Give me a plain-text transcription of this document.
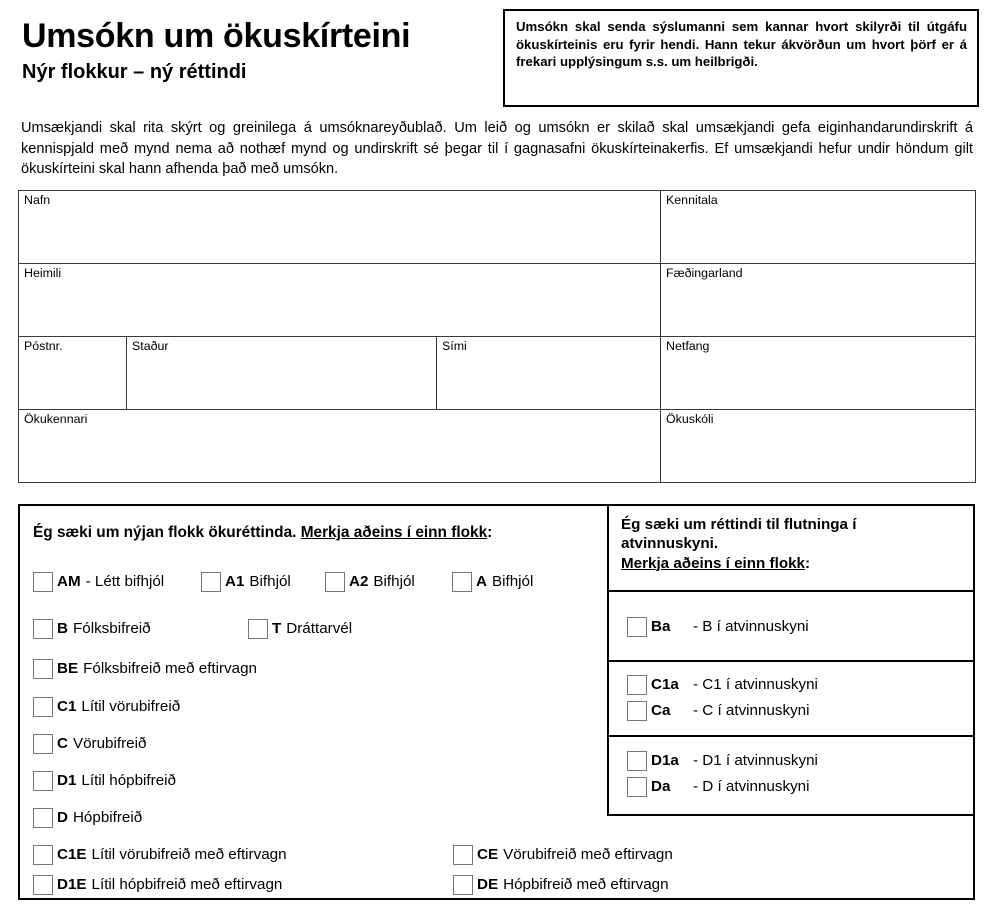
Umsókn um ökuskírteini
Nýr flokkur – ný réttindi

Umsókn skal senda sýslumanni sem kannar hvort skilyrði til útgáfu ökuskírteinis eru fyrir hendi. Hann tekur ákvörðun um hvort þörf er á frekari upplýsingum s.s. um heilbrigði.

Umsækjandi skal rita skýrt og greinilega á umsóknareyðublað. Um leið og umsókn er skilað skal umsækjandi gefa eiginhandarundirskrift á kennispjald með mynd nema að nothæf mynd og undirskrift sé þegar til í gagnasafni ökuskírteinakerfis. Ef umsækjandi hefur undir höndum gilt ökuskírteini skal hann afhenda það með umsókn.

Nafn			Kennitala

Heimili			Fæðingarland

Póstnr.	Staður	Sími	Netfang

Ökukennari			Ökuskóli
Ég sæki um nýjan flokk ökuréttinda. Merkja aðeins í einn flokk:
AM - Létt bifhjól	A1 Bifhjól	A2 Bifhjól	A Bifhjól
B Fólksbifreið	T Dráttarvél
BE Fólksbifreið með eftirvagn
C1 Lítil vörubifreið
C Vörubifreið
D1 Lítil hópbifreið
D Hópbifreið
C1E Lítil vörubifreið með eftirvagn	CE Vörubifreið með eftirvagn
D1E Lítil hópbifreið með eftirvagn	DE Hópbifreið með eftirvagn
Ég sæki um réttindi til flutninga í
atvinnuskyni.
Merkja aðeins í einn flokk:
Ba	- B í atvinnuskyni
C1a - C1 í atvinnuskyni
Ca	- C í atvinnuskyni
D1a - D1 í atvinnuskyni
Da	- D í atvinnuskyni
